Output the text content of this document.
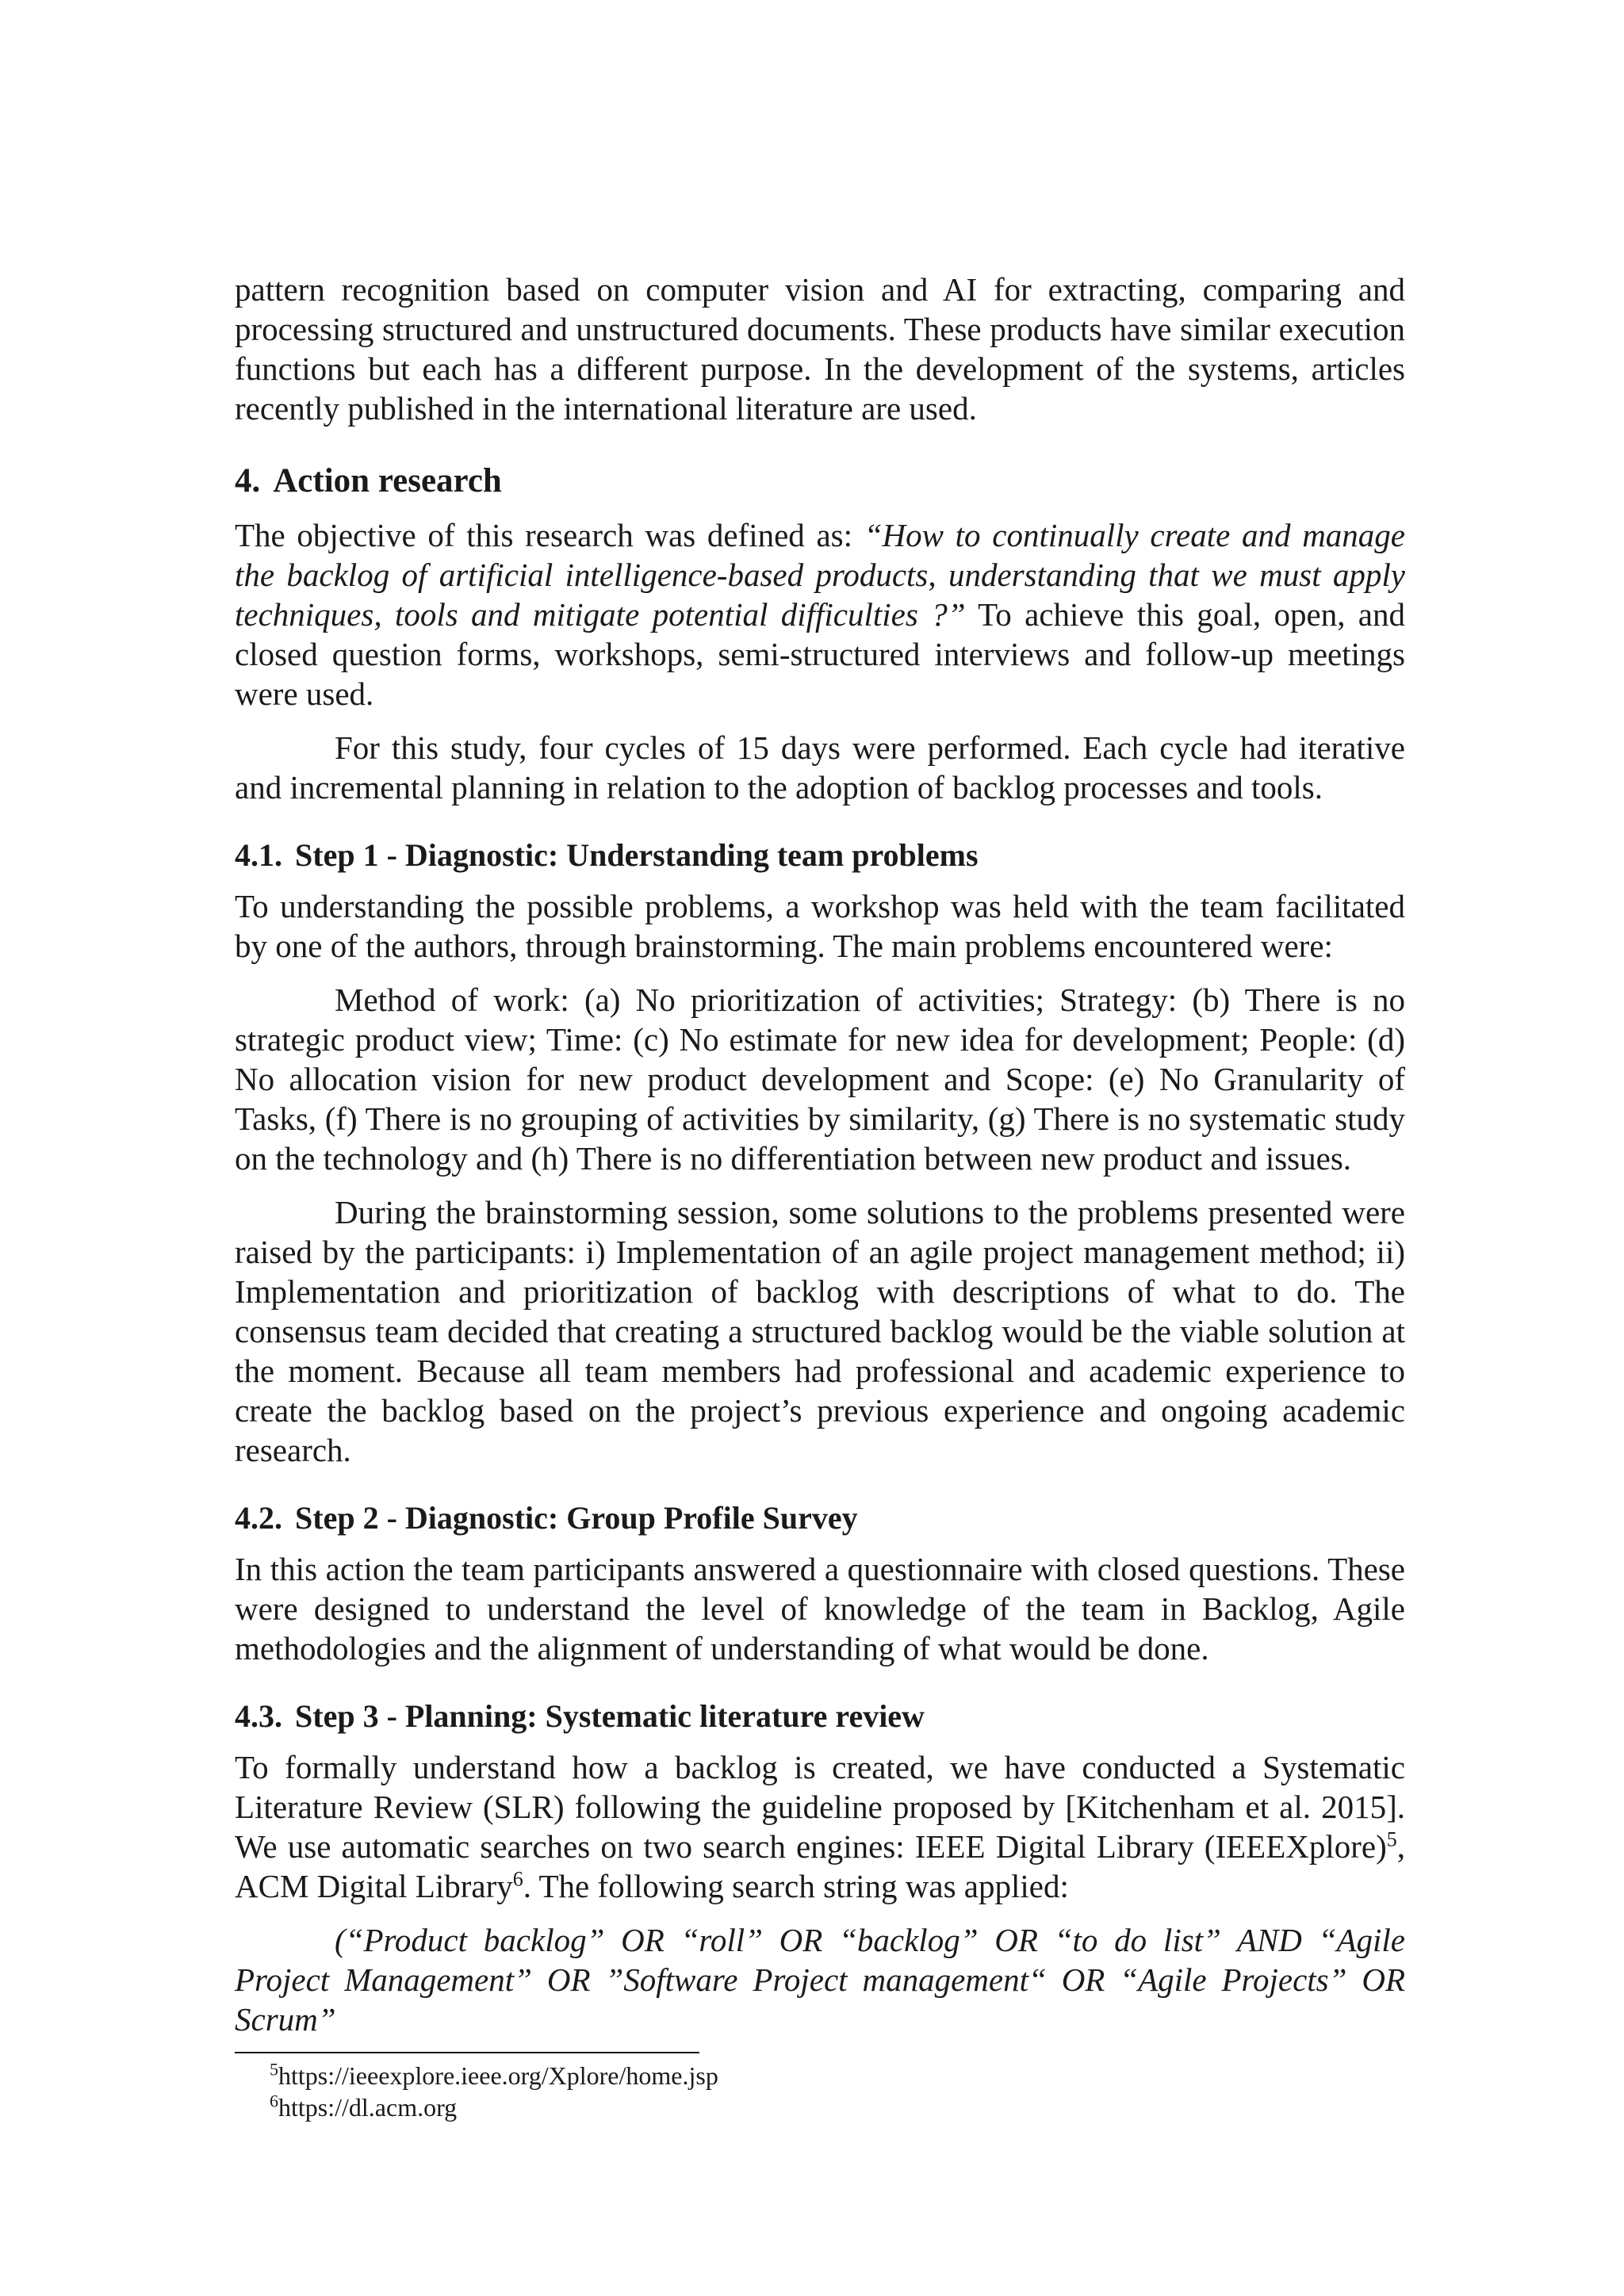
pattern recognition based on computer vision and AI for extracting, comparing and processing structured and unstructured documents. These products have similar execution functions but each has a different purpose. In the development of the systems, articles recently published in the international literature are used.

4. Action research

The objective of this research was defined as: “How to continually create and manage the backlog of artificial intelligence-based products, understanding that we must apply techniques, tools and mitigate potential difficulties ?” To achieve this goal, open, and closed question forms, workshops, semi-structured interviews and follow-up meetings were used.

For this study, four cycles of 15 days were performed. Each cycle had iterative and incremental planning in relation to the adoption of backlog processes and tools.

4.1. Step 1 - Diagnostic: Understanding team problems

To understanding the possible problems, a workshop was held with the team facilitated by one of the authors, through brainstorming. The main problems encountered were:

Method of work: (a) No prioritization of activities; Strategy: (b) There is no strategic product view; Time: (c) No estimate for new idea for development; People: (d) No allocation vision for new product development and Scope: (e) No Granularity of Tasks, (f) There is no grouping of activities by similarity, (g) There is no systematic study on the technology and (h) There is no differentiation between new product and issues.

During the brainstorming session, some solutions to the problems presented were raised by the participants: i) Implementation of an agile project management method; ii) Implementation and prioritization of backlog with descriptions of what to do. The consensus team decided that creating a structured backlog would be the viable solution at the moment. Because all team members had professional and academic experience to create the backlog based on the project’s previous experience and ongoing academic research.

4.2. Step 2 - Diagnostic: Group Profile Survey

In this action the team participants answered a questionnaire with closed questions. These were designed to understand the level of knowledge of the team in Backlog, Agile methodologies and the alignment of understanding of what would be done.

4.3. Step 3 - Planning: Systematic literature review

To formally understand how a backlog is created, we have conducted a Systematic Literature Review (SLR) following the guideline proposed by [Kitchenham et al. 2015]. We use automatic searches on two search engines: IEEE Digital Library (IEEEXplore)$^5$, ACM Digital Library$^6$. The following search string was applied:

(“Product backlog” OR “roll” OR “backlog” OR “to do list” AND “Agile Project Management” OR ”Software Project management“ OR “Agile Projects” OR Scrum”

$^5$https://ieeexplore.ieee.org/Xplore/home.jsp
$^6$https://dl.acm.org
